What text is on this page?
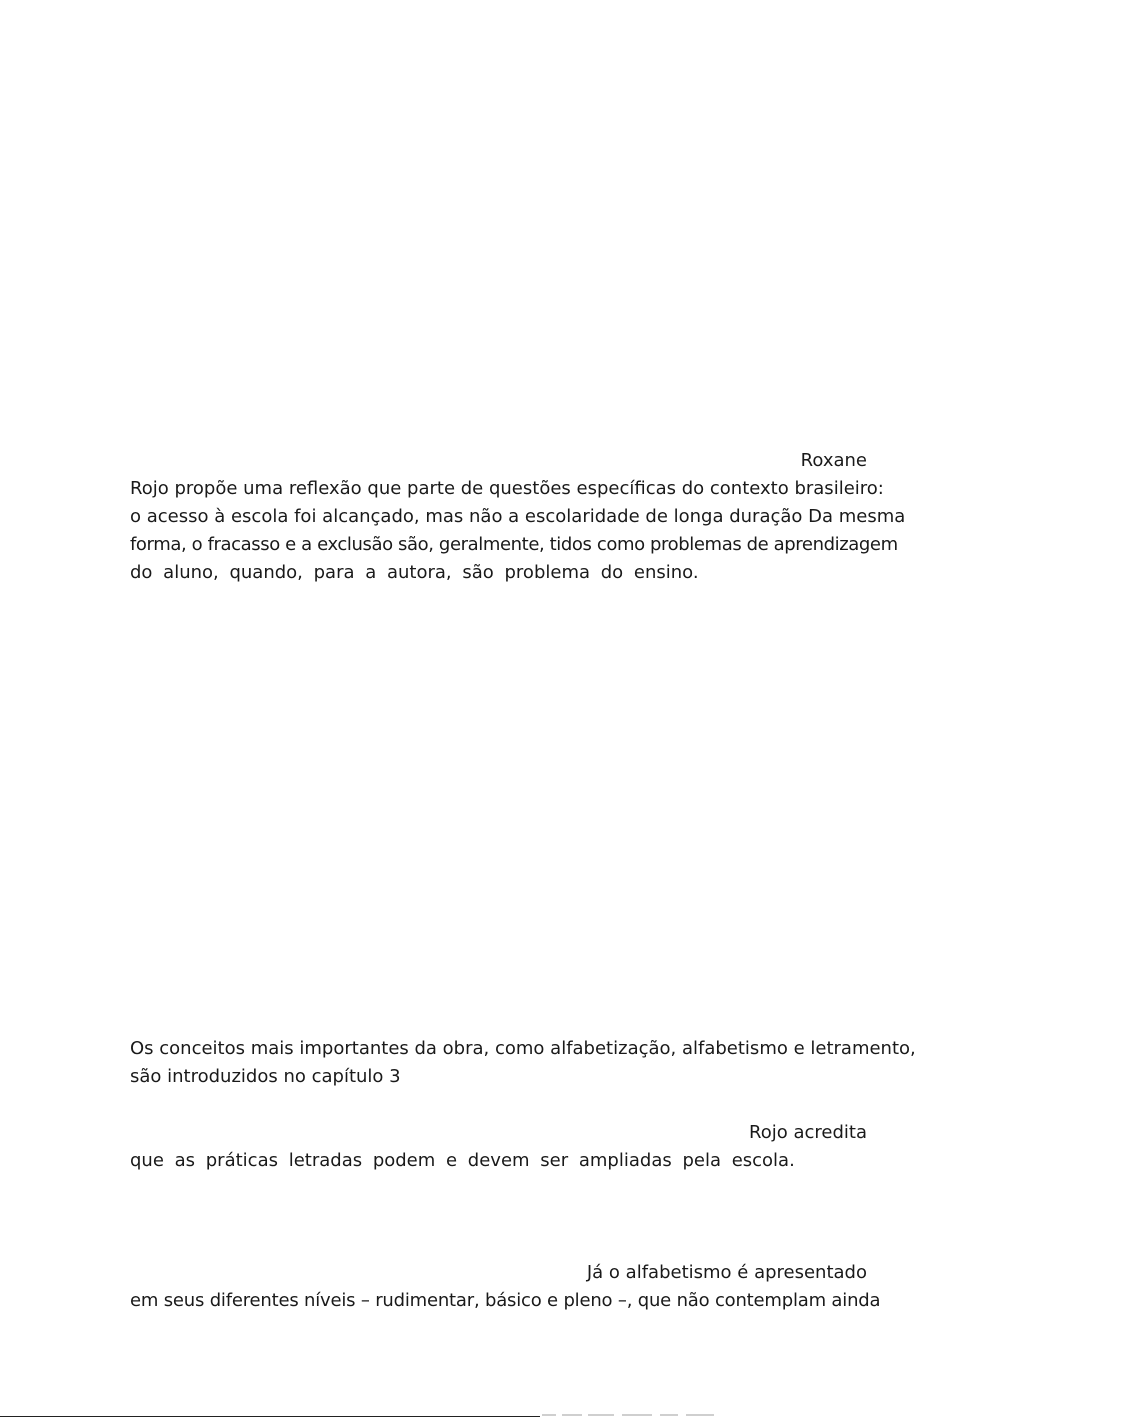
Roxane
Rojo propõe uma reflexão que parte de questões específicas do contexto brasileiro:
o acesso à escola foi alcançado, mas não a escolaridade de longa duração Da mesma
forma, o fracasso e a exclusão são, geralmente, tidos como problemas de aprendizagem
do aluno, quando, para a autora, são problema do ensino.
Os conceitos mais importantes da obra, como alfabetização, alfabetismo e letramento,
são introduzidos no capítulo 3
Rojo acredita
que as práticas letradas podem e devem ser ampliadas pela escola.
Já o alfabetismo é apresentado
em seus diferentes níveis – rudimentar, básico e pleno –, que não contemplam ainda
